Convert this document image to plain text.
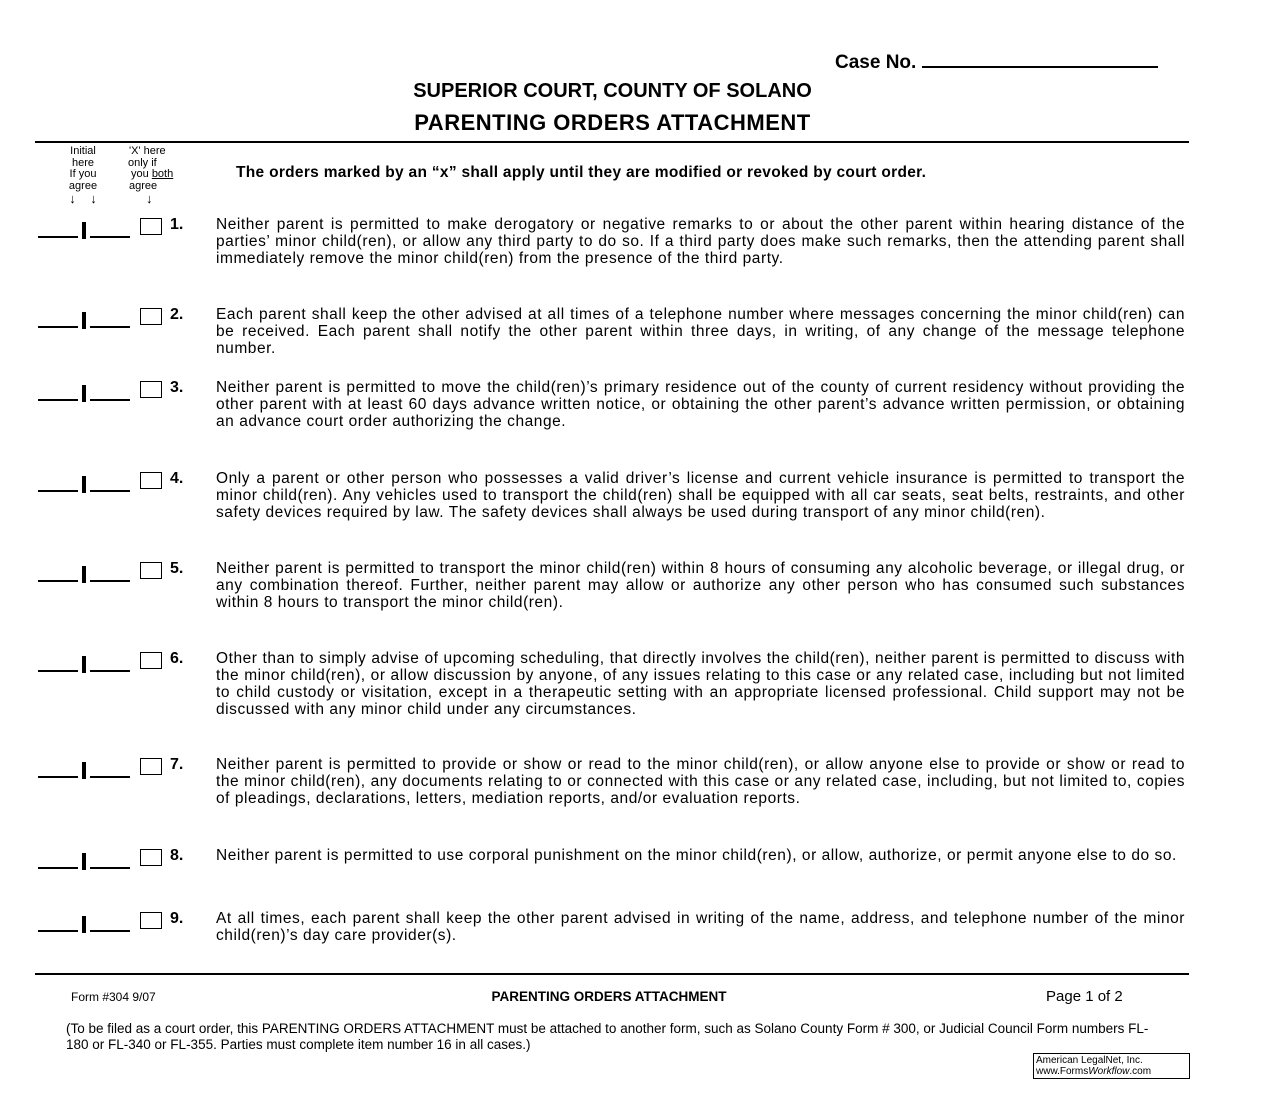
Case No.
SUPERIOR COURT, COUNTY OF SOLANO
PARENTING ORDERS ATTACHMENT
Initial
here
If you
agree
↓ ↓
'X' here
only if
you both
agree
↓
The orders marked by an “x” shall apply until they are modified or revoked by court order.
1. Neither parent is permitted to make derogatory or negative remarks to or about the other parent within hearing distance of the parties’ minor child(ren), or allow any third party to do so. If a third party does make such remarks, then the attending parent shall immediately remove the minor child(ren) from the presence of the third party.
2. Each parent shall keep the other advised at all times of a telephone number where messages concerning the minor child(ren) can be received. Each parent shall notify the other parent within three days, in writing, of any change of the message telephone number.
3. Neither parent is permitted to move the child(ren)’s primary residence out of the county of current residency without providing the other parent with at least 60 days advance written notice, or obtaining the other parent’s advance written permission, or obtaining an advance court order authorizing the change.
4. Only a parent or other person who possesses a valid driver’s license and current vehicle insurance is permitted to transport the minor child(ren). Any vehicles used to transport the child(ren) shall be equipped with all car seats, seat belts, restraints, and other safety devices required by law. The safety devices shall always be used during transport of any minor child(ren).
5. Neither parent is permitted to transport the minor child(ren) within 8 hours of consuming any alcoholic beverage, or illegal drug, or any combination thereof. Further, neither parent may allow or authorize any other person who has consumed such substances within 8 hours to transport the minor child(ren).
6. Other than to simply advise of upcoming scheduling, that directly involves the child(ren), neither parent is permitted to discuss with the minor child(ren), or allow discussion by anyone, of any issues relating to this case or any related case, including but not limited to child custody or visitation, except in a therapeutic setting with an appropriate licensed professional. Child support may not be discussed with any minor child under any circumstances.
7. Neither parent is permitted to provide or show or read to the minor child(ren), or allow anyone else to provide or show or read to the minor child(ren), any documents relating to or connected with this case or any related case, including, but not limited to, copies of pleadings, declarations, letters, mediation reports, and/or evaluation reports.
8. Neither parent is permitted to use corporal punishment on the minor child(ren), or allow, authorize, or permit anyone else to do so.
9. At all times, each parent shall keep the other parent advised in writing of the name, address, and telephone number of the minor child(ren)’s day care provider(s).
Form #304 9/07	PARENTING ORDERS ATTACHMENT	Page 1 of 2
(To be filed as a court order, this PARENTING ORDERS ATTACHMENT must be attached to another form, such as Solano County Form # 300, or Judicial Council Form numbers FL-180 or FL-340 or FL-355. Parties must complete item number 16 in all cases.)
American LegalNet, Inc.
www.FormsWorkflow.com
